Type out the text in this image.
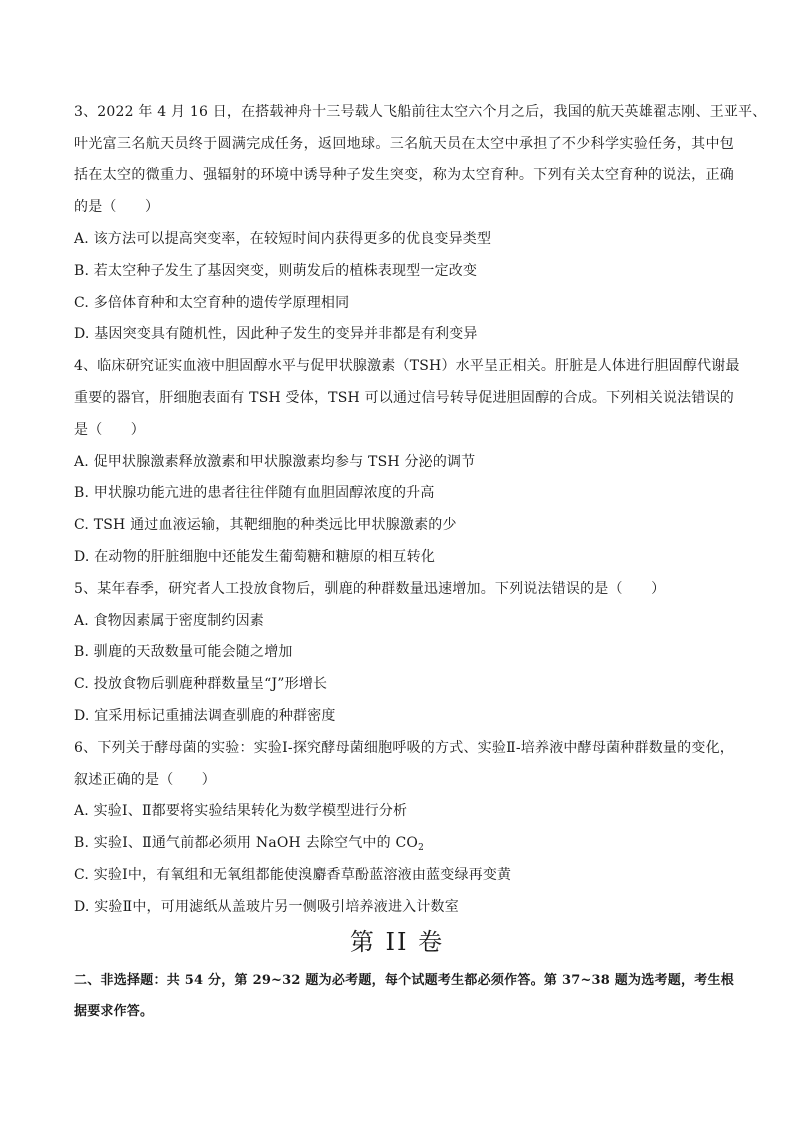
3、2022 年 4 月 16 日，在搭载神舟十三号载人飞船前往太空六个月之后，我国的航天英雄翟志刚、王亚平、
叶光富三名航天员终于圆满完成任务，返回地球。三名航天员在太空中承担了不少科学实验任务，其中包
括在太空的微重力、强辐射的环境中诱导种子发生突变，称为太空育种。下列有关太空育种的说法，正确
的是（　　）
A. 该方法可以提高突变率，在较短时间内获得更多的优良变异类型
B. 若太空种子发生了基因突变，则萌发后的植株表现型一定改变
C. 多倍体育种和太空育种的遗传学原理相同
D. 基因突变具有随机性，因此种子发生的变异并非都是有利变异
4、临床研究证实血液中胆固醇水平与促甲状腺激素（TSH）水平呈正相关。肝脏是人体进行胆固醇代谢最
重要的器官，肝细胞表面有 TSH 受体，TSH 可以通过信号转导促进胆固醇的合成。下列相关说法错误的
是（　　）
A. 促甲状腺激素释放激素和甲状腺激素均参与 TSH 分泌的调节
B. 甲状腺功能亢进的患者往往伴随有血胆固醇浓度的升高
C. TSH 通过血液运输，其靶细胞的种类远比甲状腺激素的少
D. 在动物的肝脏细胞中还能发生葡萄糖和糖原的相互转化
5、某年春季，研究者人工投放食物后，驯鹿的种群数量迅速增加。下列说法错误的是（　　）
A. 食物因素属于密度制约因素
B. 驯鹿的天敌数量可能会随之增加
C. 投放食物后驯鹿种群数量呈“J”形增长
D. 宜采用标记重捕法调查驯鹿的种群密度
6、下列关于酵母菌的实验：实验Ⅰ-探究酵母菌细胞呼吸的方式、实验Ⅱ-培养液中酵母菌种群数量的变化，
叙述正确的是（　　）
A. 实验Ⅰ、Ⅱ都要将实验结果转化为数学模型进行分析
B. 实验Ⅰ、Ⅱ通气前都必须用 NaOH 去除空气中的 $CO_2$
C. 实验Ⅰ中，有氧组和无氧组都能使溴麝香草酚蓝溶液由蓝变绿再变黄
D. 实验Ⅱ中，可用滤纸从盖玻片另一侧吸引培养液进入计数室
第 II 卷
二、非选择题：共 54 分，第 29~32 题为必考题，每个试题考生都必须作答。第 37~38 题为选考题，考生根
据要求作答。
